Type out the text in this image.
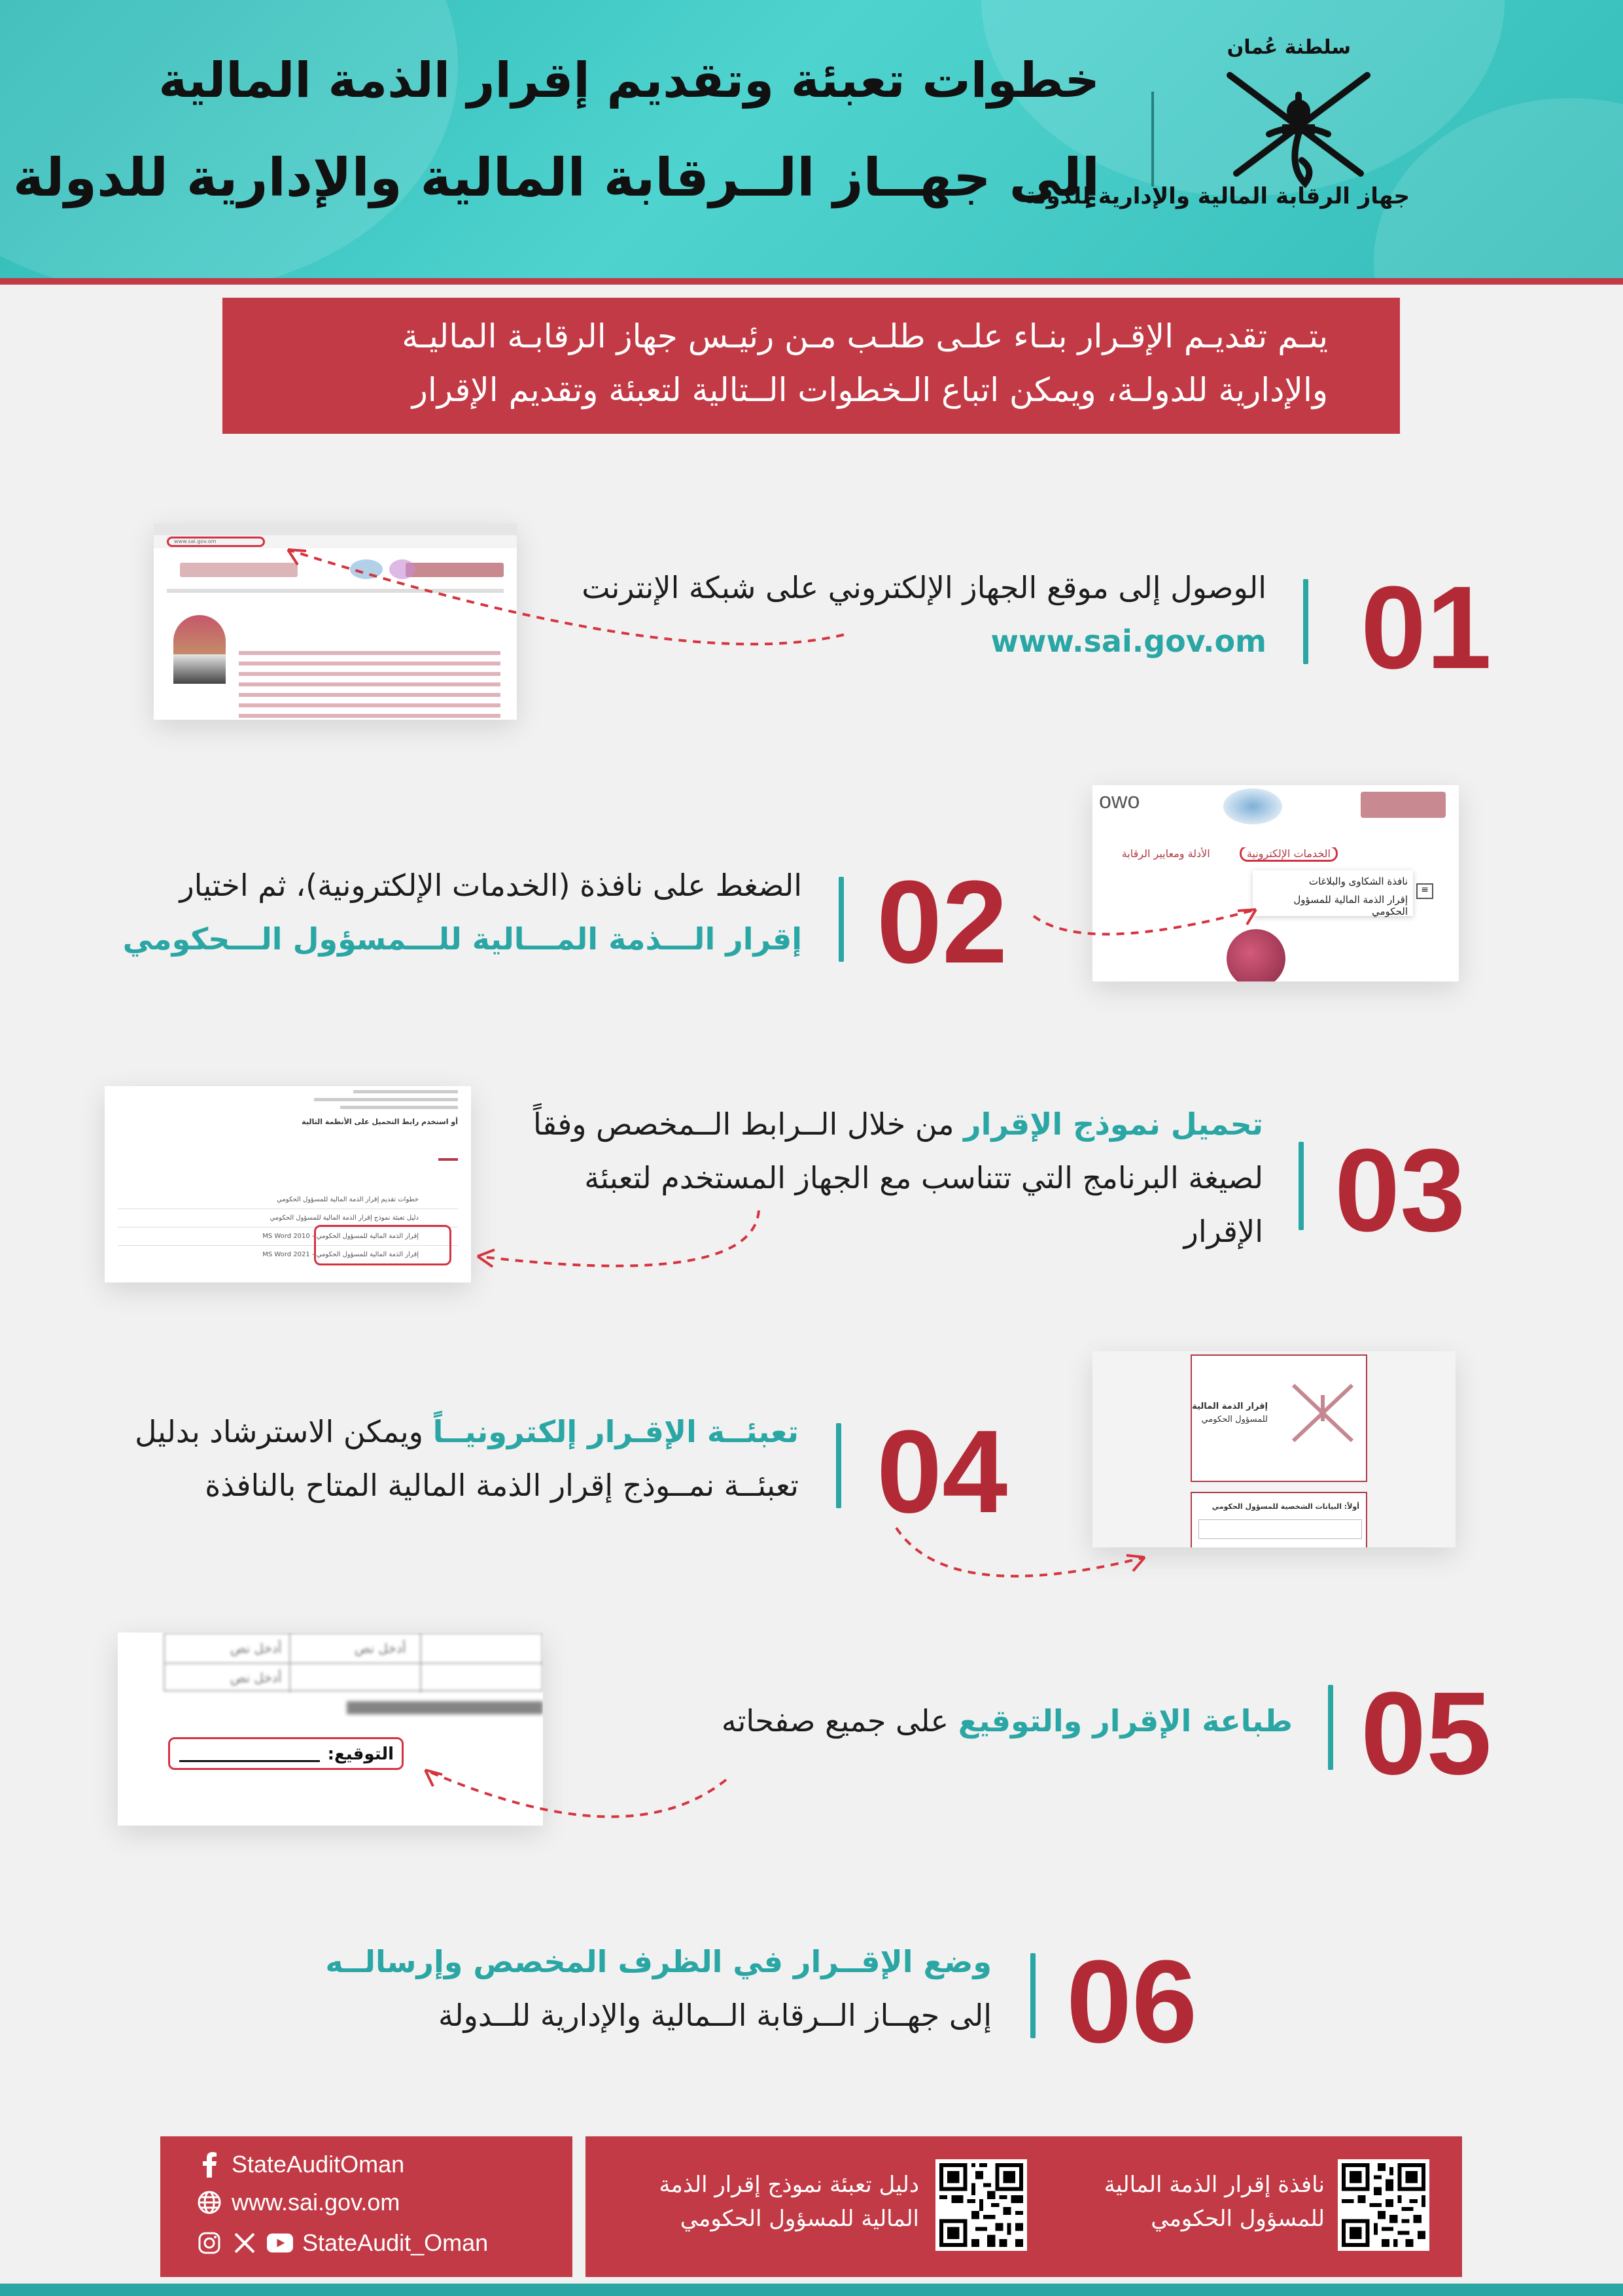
خطوات تعبئة وتقديم إقرار الذمة المالية
إلى جهــاز الــرقابة المالية والإدارية للدولة
سلطنة عُمان
جهاز الرقابة المالية والإدارية للدولة

يتـم تقديـم الإقـرار بنـاء علـى طلـب مـن رئيـس جهاز الرقابـة الماليـة

والإدارية للدولـة، ويمكن اتباع الـخطوات الــتالية لتعبئة وتقديم الإقرار

01
الوصول إلى موقع الجهاز الإلكتروني على شبكة الإنترنت
www.sai.gov.om
www.sai.gov.om
02
الضغط على نافذة (الخدمات الإلكترونية)، ثم اختيار
إقرار الـــذمة المـــالية للـــمسؤول الـــحكومي
owo
الخدمات الإلكترونية الأدلة ومعايير الرقابة
نافذة الشكاوى والبلاغات
إقرار الذمة المالية للمسؤول الحكومي
≡
03
تحميل نموذج الإقرار من خلال الــرابط الــمخصص وفقاً
لصيغة البرنامج التي تتناسب مع الجهاز المستخدم لتعبئة
الإقرار
أو استخدم رابط التحميل على الأنظمة التالية
خطوات تقديم إقرار الذمة المالية للمسؤول الحكومي
دليل تعبئة نموذج إقرار الذمة المالية للمسؤول الحكومي
إقرار الذمة المالية للمسؤول الحكومي - MS Word 2010
إقرار الذمة المالية للمسؤول الحكومي - MS Word 2021
04
تعبئــة الإقـرار إلكترونيــاً ويمكن الاسترشاد بدليل
تعبئــة نمــوذج إقرار الذمة المالية المتاح بالنافذة
إقرار الذمة المالية
للمسؤول الحكومي
أولاً: البيانات الشخصية للمسؤول الحكومي
05
طباعة الإقرار والتوقيع على جميع صفحاته
أدخل نص	أدخل نص
أدخل نص
التوقيع:
06
وضع الإقــرار في الظرف المخصص وإرسالــه
إلى جهــاز الــرقابة الــمالية والإدارية للــدولة
StateAuditOman
www.sai.gov.om
StateAudit_Oman
دليل تعبئة نموذج إقرار الذمة
المالية للمسؤول الحكومي
نافذة إقرار الذمة المالية
للمسؤول الحكومي
